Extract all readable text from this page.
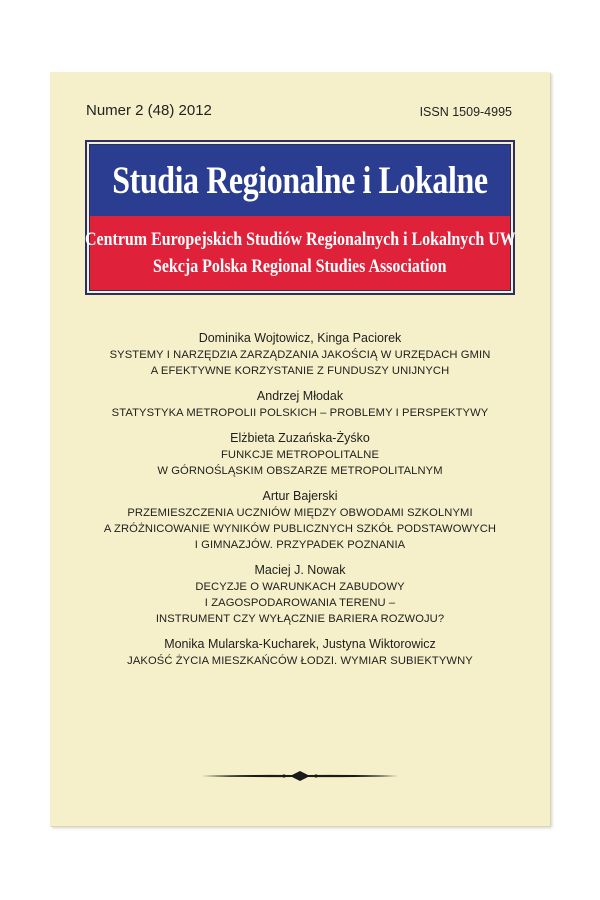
Numer 2 (48) 2012	ISSN 1509-4995
Studia Regionalne i Lokalne
Centrum Europejskich Studiów Regionalnych i Lokalnych UW
Sekcja Polska Regional Studies Association
Dominika Wojtowicz, Kinga Paciorek
SYSTEMY I NARZĘDZIA ZARZĄDZANIA JAKOŚCIĄ W URZĘDACH GMIN
A EFEKTYWNE KORZYSTANIE Z FUNDUSZY UNIJNYCH
Andrzej Młodak
STATYSTYKA METROPOLII POLSKICH – PROBLEMY I PERSPEKTYWY
Elżbieta Zuzańska-Żyśko
FUNKCJE METROPOLITALNE
W GÓRNOŚLĄSKIM OBSZARZE METROPOLITALNYM
Artur Bajerski
PRZEMIESZCZENIA UCZNIÓW MIĘDZY OBWODAMI SZKOLNYMI
A ZRÓŻNICOWANIE WYNIKÓW PUBLICZNYCH SZKÓŁ PODSTAWOWYCH
I GIMNAZJÓW. PRZYPADEK POZNANIA
Maciej J. Nowak
DECYZJE O WARUNKACH ZABUDOWY
I ZAGOSPODAROWANIA TERENU –
INSTRUMENT CZY WYŁĄCZNIE BARIERA ROZWOJU?
Monika Mularska-Kucharek, Justyna Wiktorowicz
JAKOŚĆ ŻYCIA MIESZKAŃCÓW ŁODZI. WYMIAR SUBIEKTYWNY
